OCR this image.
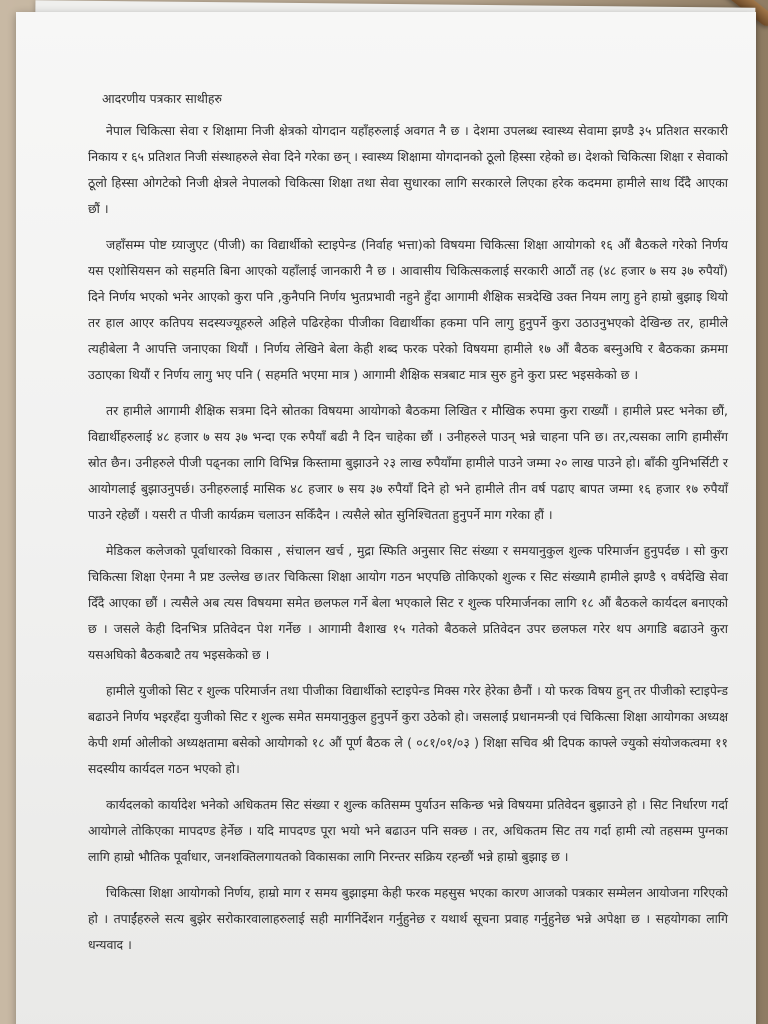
आदरणीय पत्रकार साथीहरु

नेपाल चिकित्सा सेवा र शिक्षामा निजी क्षेत्रको योगदान यहाँहरुलाई अवगत नै छ । देशमा उपलब्ध स्वास्थ्य सेवामा झण्डै ३५ प्रतिशत सरकारी निकाय र ६५ प्रतिशत निजी संस्थाहरुले सेवा दिने गरेका छन् । स्वास्थ्य शिक्षामा योगदानको ठूलो हिस्सा रहेको छ। देशको चिकित्सा शिक्षा र सेवाको ठूलो हिस्सा ओगटेको निजी क्षेत्रले नेपालको चिकित्सा शिक्षा तथा सेवा सुधारका लागि सरकारले लिएका हरेक कदममा हामीले साथ दिँदै आएका छौं ।

जहाँसम्म पोष्ट ग्र्याजुएट (पीजी) का विद्यार्थीको स्टाइपेन्ड (निर्वाह भत्ता)को विषयमा चिकित्सा शिक्षा आयोगको १६ औं बैठकले गरेको निर्णय यस एशोसियसन को सहमति बिना आएको यहाँलाई जानकारी नै छ । आवासीय चिकित्सकलाई सरकारी आठौं तह (४८ हजार ७ सय ३७ रुपैयाँ) दिने निर्णय भएको भनेर आएको कुरा पनि ,कुनैपनि निर्णय भुतप्रभावी नहुने हुँदा आगामी शैक्षिक सत्रदेखि उक्त नियम लागु हुने हाम्रो बुझाइ थियो तर हाल आएर कतिपय सदस्यज्यूहरुले अहिले पढिरहेका पीजीका विद्यार्थीका हकमा पनि लागु हुनुपर्ने कुरा उठाउनुभएको देखिन्छ तर, हामीले त्यहीबेला नै आपत्ति जनाएका थियौं । निर्णय लेखिने बेला केही शब्द फरक परेको विषयमा हामीले १७ औं बैठक बस्नुअघि र बैठकका क्रममा उठाएका थियौं र निर्णय लागु भए पनि ( सहमति भएमा मात्र ) आगामी शैक्षिक सत्रबाट मात्र सुरु हुने कुरा प्रस्ट भइसकेको छ ।

तर हामीले आगामी शैक्षिक सत्रमा दिने स्रोतका विषयमा आयोगको बैठकमा लिखित र मौखिक रुपमा कुरा राख्यौं । हामीले प्रस्ट भनेका छौं, विद्यार्थीहरुलाई ४८ हजार ७ सय ३७ भन्दा एक रुपैयाँ बढी नै दिन चाहेका छौं । उनीहरुले पाउन् भन्ने चाहना पनि छ। तर,त्यसका लागि हामीसँग स्रोत छैन। उनीहरुले पीजी पढ्नका लागि विभिन्न किस्तामा बुझाउने २३ लाख रुपैयाँमा हामीले पाउने जम्मा २० लाख पाउने हो। बाँकी युनिभर्सिटी र आयोगलाई बुझाउनुपर्छ। उनीहरुलाई मासिक ४८ हजार ७ सय ३७ रुपैयाँ दिने हो भने हामीले तीन वर्ष पढाए बापत जम्मा १६ हजार १७ रुपैयाँ पाउने रहेछौं । यसरी त पीजी कार्यक्रम चलाउन सकिँदैन । त्यसैले स्रोत सुनिश्चितता हुनुपर्ने माग गरेका हौं ।

मेडिकल कलेजको पूर्वाधारको विकास , संचालन खर्च , मुद्रा स्फिति अनुसार सिट संख्या र समयानुकुल शुल्क परिमार्जन हुनुपर्दछ । सो कुरा चिकित्सा शिक्षा ऐनमा नै प्रष्ट उल्लेख छ।तर चिकित्सा शिक्षा आयोग गठन भएपछि तोकिएको शुल्क र सिट संख्यामै हामीले झण्डै ९ वर्षदेखि सेवा दिँदै आएका छौं । त्यसैले अब त्यस विषयमा समेत छलफल गर्ने बेला भएकाले सिट र शुल्क परिमार्जनका लागि १८ औं बैठकले कार्यदल बनाएको छ । जसले केही दिनभित्र प्रतिवेदन पेश गर्नेछ । आगामी वैशाख १५ गतेको बैठकले प्रतिवेदन उपर छलफल गरेर थप अगाडि बढाउने कुरा यसअघिको बैठकबाटै तय भइसकेको छ ।

हामीले युजीको सिट र शुल्क परिमार्जन तथा पीजीका विद्यार्थीको स्टाइपेन्ड मिक्स गरेर हेरेका छैनौं । यो फरक विषय हुन् तर पीजीको स्टाइपेन्ड बढाउने निर्णय भइरहँदा युजीको सिट र शुल्क समेत समयानुकुल हुनुपर्ने कुरा उठेको हो। जसलाई प्रधानमन्त्री एवं चिकित्सा शिक्षा आयोगका अध्यक्ष केपी शर्मा ओलीको अध्यक्षतामा बसेको आयोगको १८ औं पूर्ण बैठक ले ( ०८१/०१/०३ ) शिक्षा सचिव श्री दिपक काफ्ले ज्युको संयोजकत्वमा ११ सदस्यीय कार्यदल गठन भएको हो।

कार्यदलको कार्यादेश भनेको अधिकतम सिट संख्या र शुल्क कतिसम्म पुर्याउन सकिन्छ भन्ने विषयमा प्रतिवेदन बुझाउने हो । सिट निर्धारण गर्दा आयोगले तोकिएका मापदण्ड हेर्नेछ । यदि मापदण्ड पूरा भयो भने बढाउन पनि सक्छ । तर, अधिकतम सिट तय गर्दा हामी त्यो तहसम्म पुग्नका लागि हाम्रो भौतिक पूर्वाधार, जनशक्तिलगायतको विकासका लागि निरन्तर सक्रिय रहन्छौं भन्ने हाम्रो बुझाइ छ ।

चिकित्सा शिक्षा आयोगको निर्णय, हाम्रो माग र समय बुझाइमा केही फरक महसुस भएका कारण आजको पत्रकार सम्मेलन आयोजना गरिएको हो । तपाईंहरुले सत्य बुझेर सरोकारवालाहरुलाई सही मार्गनिर्देशन गर्नुहुनेछ र यथार्थ सूचना प्रवाह गर्नुहुनेछ भन्ने अपेक्षा छ । सहयोगका लागि धन्यवाद ।
